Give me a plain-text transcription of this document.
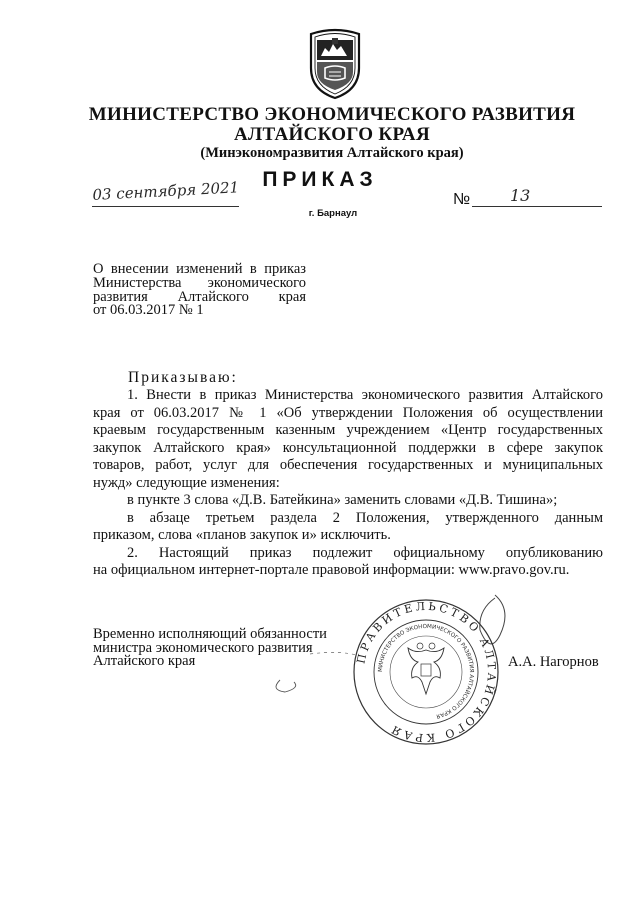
МИНИСТЕРСТВО ЭКОНОМИЧЕСКОГО РАЗВИТИЯ
АЛТАЙСКОГО КРАЯ
(Минэкономразвития Алтайского края)
ПРИКАЗ
03 сентября 2021	№ 13
г. Барнаул
О внесении изменений в приказ
Министерства экономического
развития Алтайского края
от 06.03.2017 № 1
Приказываю:

1. Внести в приказ Министерства экономического развития Алтайского

края от 06.03.2017 № 1 «Об утверждении Положения об осуществлении

краевым государственным казенным учреждением «Центр государственных

закупок Алтайского края» консультационной поддержки в сфере закупок

товаров, работ, услуг для обеспечения государственных и муниципальных

нужд» следующие изменения:

в пункте 3 слова «Д.В. Батейкина» заменить словами «Д.В. Тишина»;

в абзаце третьем раздела 2 Положения, утвержденного данным

приказом, слова «планов закупок и» исключить.

2. Настоящий приказ подлежит официальному опубликованию

на официальном интернет-портале правовой информации: www.pravo.gov.ru.

Временно исполняющий обязанности
министра экономического развития
Алтайского края	ПРАВИТЕЛЬСТВО АЛТАЙСКОГО КРАЯ
МИНИСТЕРСТВО ЭКОНОМИЧЕСКОГО РАЗВИТИЯ АЛТАЙСКОГО КРАЯ
А.А. Нагорнов
